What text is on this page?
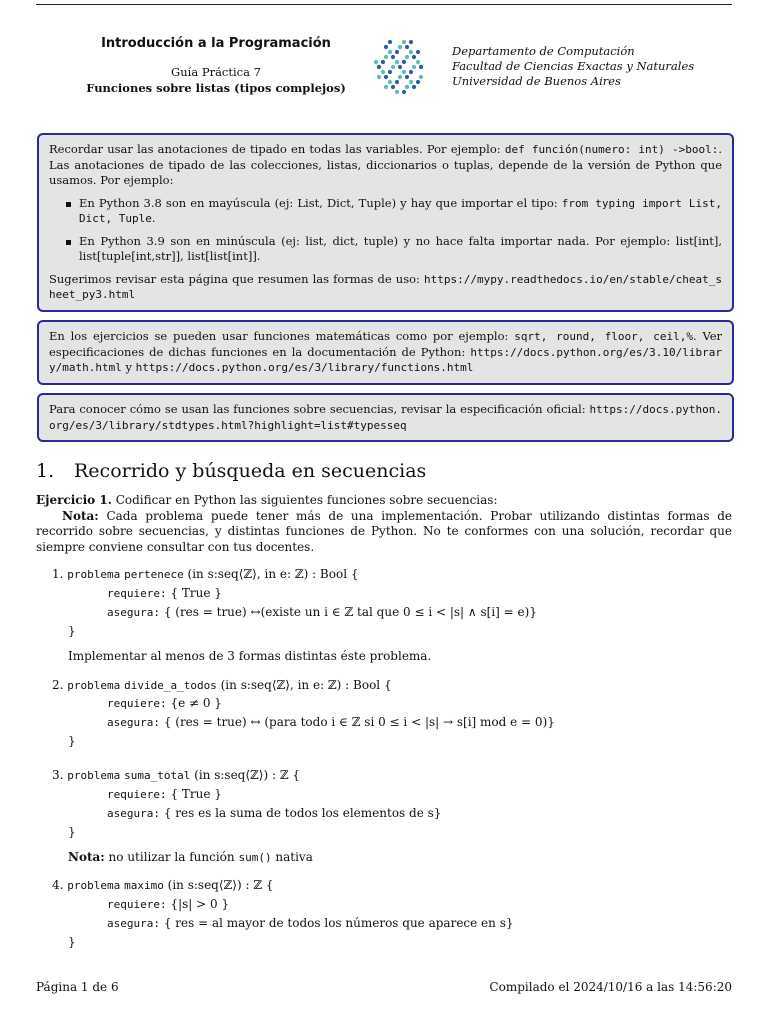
Introducción a la Programación
Guía Práctica 7
Funciones sobre listas (tipos complejos)
Departamento de Computación
Facultad de Ciencias Exactas y Naturales
Universidad de Buenos Aires

Recordar usar las anotaciones de tipado en todas las variables. Por ejemplo: def función(numero: int) ->bool:. Las anotaciones de tipado de las colecciones, listas, diccionarios o tuplas, depende de la versión de Python que usamos. Por ejemplo:

En Python 3.8 son en mayúscula (ej: List, Dict, Tuple) y hay que importar el tipo: from typing import List, Dict, Tuple.
En Python 3.9 son en minúscula (ej: list, dict, tuple) y no hace falta importar nada. Por ejemplo: list[int], list[tuple[int,str]], list[list[int]].

Sugerimos revisar esta página que resumen las formas de uso: https://mypy.readthedocs.io/en/stable/cheat_sheet_py3.html

En los ejercicios se pueden usar funciones matemáticas como por ejemplo: sqrt, round, floor, ceil,%. Ver especificaciones de dichas funciones en la documentación de Python: https://docs.python.org/es/3.10/library/math.html y https://docs.python.org/es/3/library/functions.html

Para conocer cómo se usan las funciones sobre secuencias, revisar la especificación oficial: https://docs.python.org/es/3/library/stdtypes.html?highlight=list#typesseq

1. Recorrido y búsqueda en secuencias

Ejercicio 1. Codificar en Python las siguientes funciones sobre secuencias:

Nota: Cada problema puede tener más de una implementación. Probar utilizando distintas formas de recorrido sobre secuencias, y distintas funciones de Python. No te conformes con una solución, recordar que siempre conviene consultar con tus docentes.

1. problema pertenece (in s:seq⟨ℤ⟩, in e: ℤ) : Bool {
requiere: { True }
asegura: { (res = true) ↔(existe un i ∈ ℤ tal que 0 ≤ i < |s| ∧ s[i] = e)}
}
Implementar al menos de 3 formas distintas éste problema.
2. problema divide_a_todos (in s:seq⟨ℤ⟩, in e: ℤ) : Bool {
requiere: {e ≠ 0 }
asegura: { (res = true) ↔ (para todo i ∈ ℤ si 0 ≤ i < |s| → s[i] mod e = 0)}
}
3. problema suma_total (in s:seq⟨ℤ⟩) : ℤ {
requiere: { True }
asegura: { res es la suma de todos los elementos de s}
}
Nota: no utilizar la función sum() nativa
4. problema maximo (in s:seq⟨ℤ⟩) : ℤ {
requiere: {|s| > 0 }
asegura: { res = al mayor de todos los números que aparece en s}
}
Página 1 de 6	Compilado el 2024/10/16 a las 14:56:20
